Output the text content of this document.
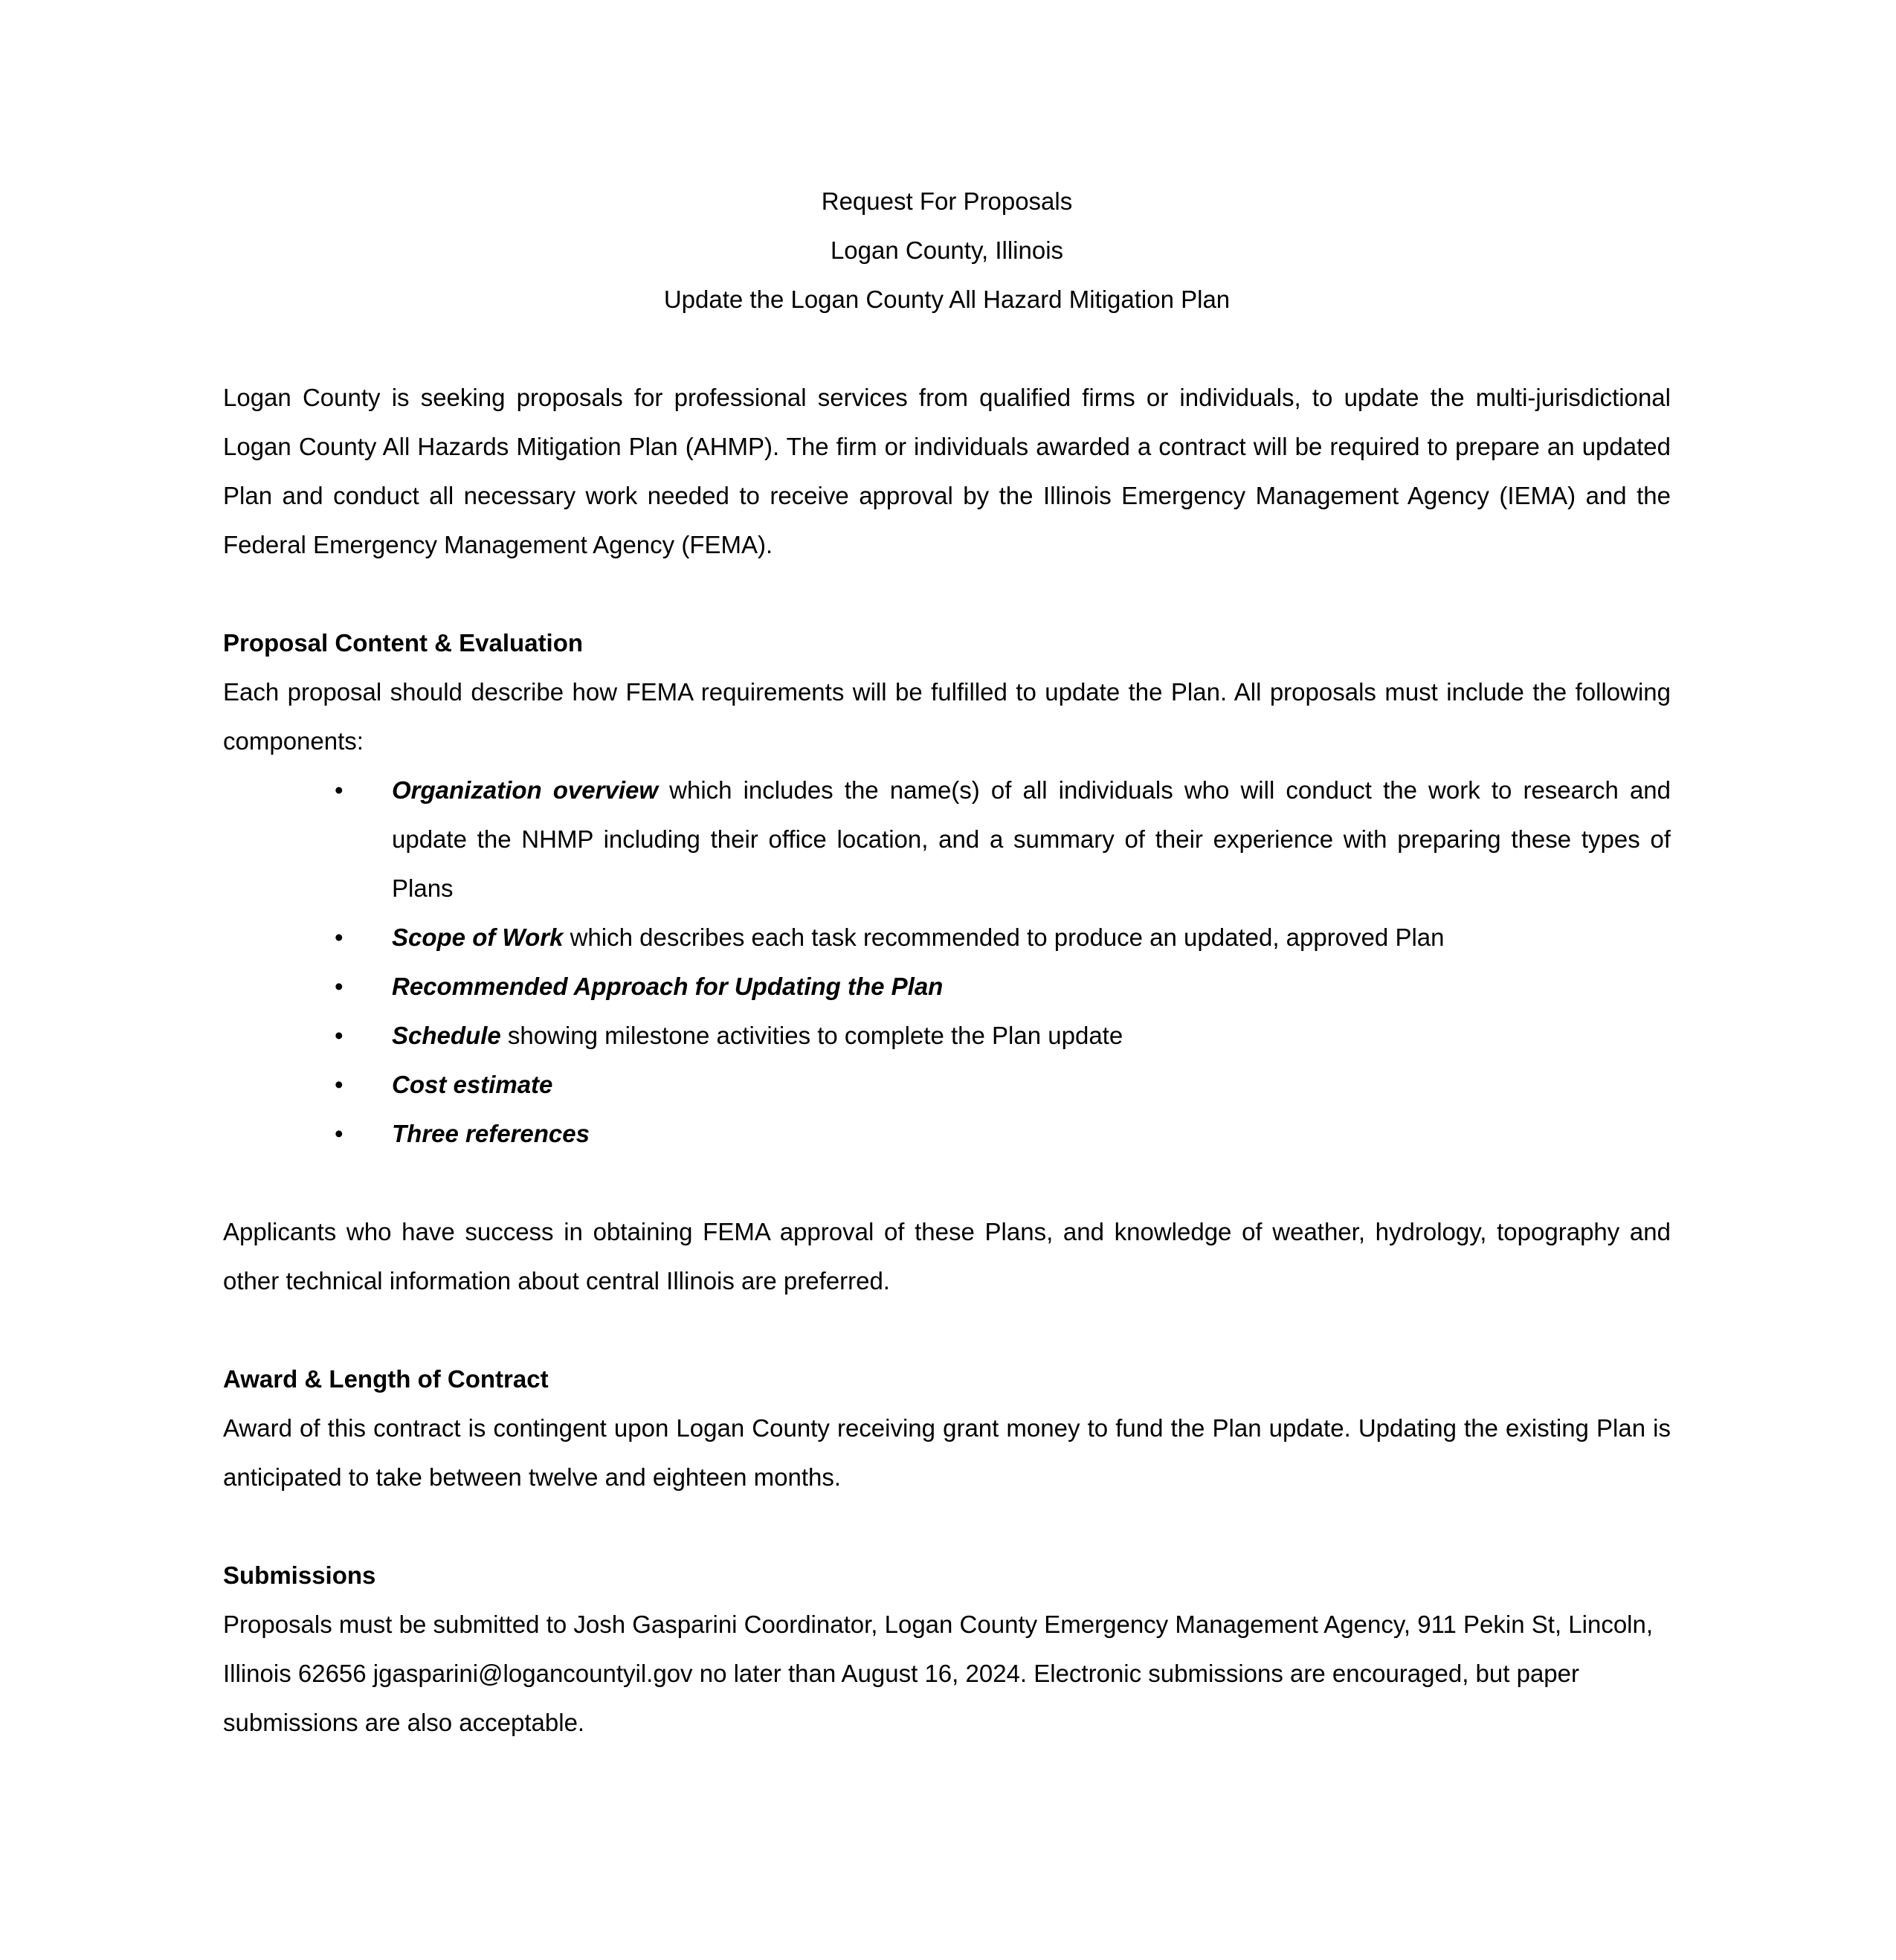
Request For Proposals
Logan County, Illinois
Update the Logan County All Hazard Mitigation Plan

Logan County is seeking proposals for professional services from qualified firms or individuals, to update the multi-jurisdictional Logan County All Hazards Mitigation Plan (AHMP). The firm or individuals awarded a contract will be required to prepare an updated Plan and conduct all necessary work needed to receive approval by the Illinois Emergency Management Agency (IEMA) and the Federal Emergency Management Agency (FEMA).

Proposal Content & Evaluation

Each proposal should describe how FEMA requirements will be fulfilled to update the Plan. All proposals must include the following components:

• Organization overview which includes the name(s) of all individuals who will conduct the work to research and update the NHMP including their office location, and a summary of their experience with preparing these types of Plans
• Scope of Work which describes each task recommended to produce an updated, approved Plan
• Recommended Approach for Updating the Plan
• Schedule showing milestone activities to complete the Plan update
• Cost estimate
• Three references

Applicants who have success in obtaining FEMA approval of these Plans, and knowledge of weather, hydrology, topography and other technical information about central Illinois are preferred.

Award & Length of Contract

Award of this contract is contingent upon Logan County receiving grant money to fund the Plan update. Updating the existing Plan is anticipated to take between twelve and eighteen months.

Submissions

Proposals must be submitted to Josh Gasparini Coordinator, Logan County Emergency Management Agency, 911 Pekin St, Lincoln, Illinois 62656 jgasparini@logancountyil.gov no later than August 16, 2024. Electronic submissions are encouraged, but paper submissions are also acceptable.
